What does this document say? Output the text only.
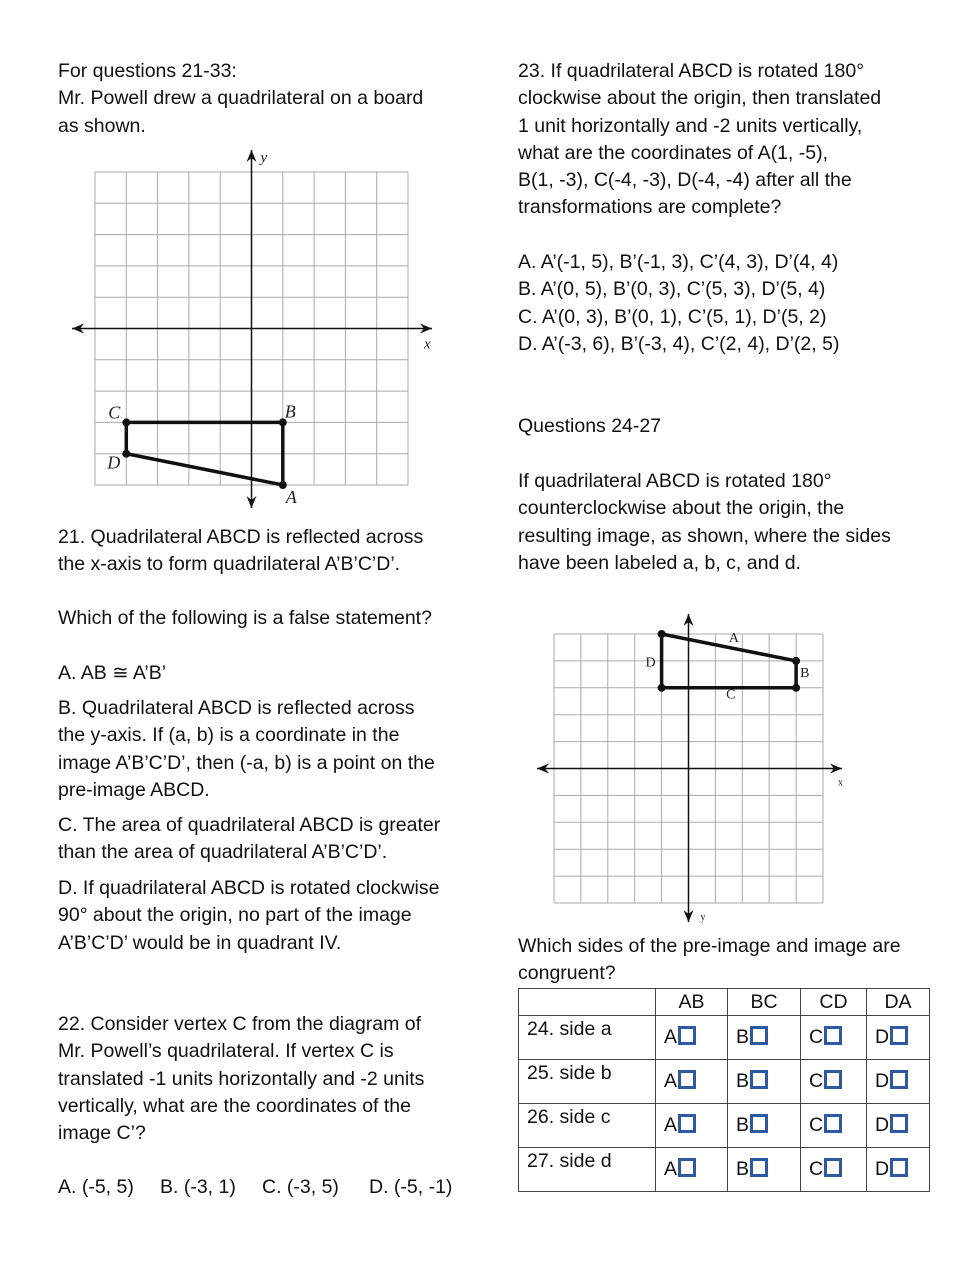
For questions 21-33:
Mr. Powell drew a quadrilateral on a board
as shown.
x
y
A
B
C
D
21. Quadrilateral ABCD is reflected across
the x-axis to form quadrilateral A’B’C’D’.
Which of the following is a false statement?
A. AB ≅ A’B’
B. Quadrilateral ABCD is reflected across
the y-axis. If (a, b) is a coordinate in the
image A’B’C’D’, then (-a, b) is a point on the
pre-image ABCD.
C. The area of quadrilateral ABCD is greater
than the area of quadrilateral A’B’C’D’.
D. If quadrilateral ABCD is rotated clockwise
90° about the origin, no part of the image
A’B’C’D’ would be in quadrant IV.
22. Consider vertex C from the diagram of
Mr. Powell’s quadrilateral. If vertex C is
translated -1 units horizontally and -2 units
vertically, what are the coordinates of the
image C’?
A. (-5, 5) B. (-3, 1) C. (-3, 5) D. (-5, -1)
23. If quadrilateral ABCD is rotated 180°
clockwise about the origin, then translated
1 unit horizontally and -2 units vertically,
what are the coordinates of A(1, -5),
B(1, -3), C(-4, -3), D(-4, -4) after all the
transformations are complete?
A. A’(-1, 5), B’(-1, 3), C’(4, 3), D’(4, 4)
B. A’(0, 5), B’(0, 3), C’(5, 3), D’(5, 4)
C. A’(0, 3), B’(0, 1), C’(5, 1), D’(5, 2)
D. A’(-3, 6), B’(-3, 4), C’(2, 4), D’(2, 5)
Questions 24-27
If quadrilateral ABCD is rotated 180°
counterclockwise about the origin, the
resulting image, as shown, where the sides
have been labeled a, b, c, and d.
x
y
A
B
C
D
Which sides of the pre-image and image are
congruent?
	AB	BC	CD	DA
24. side a	A	B	C	D
25. side b	A	B	C	D
26. side c	A	B	C	D
27. side d	A	B	C	D
